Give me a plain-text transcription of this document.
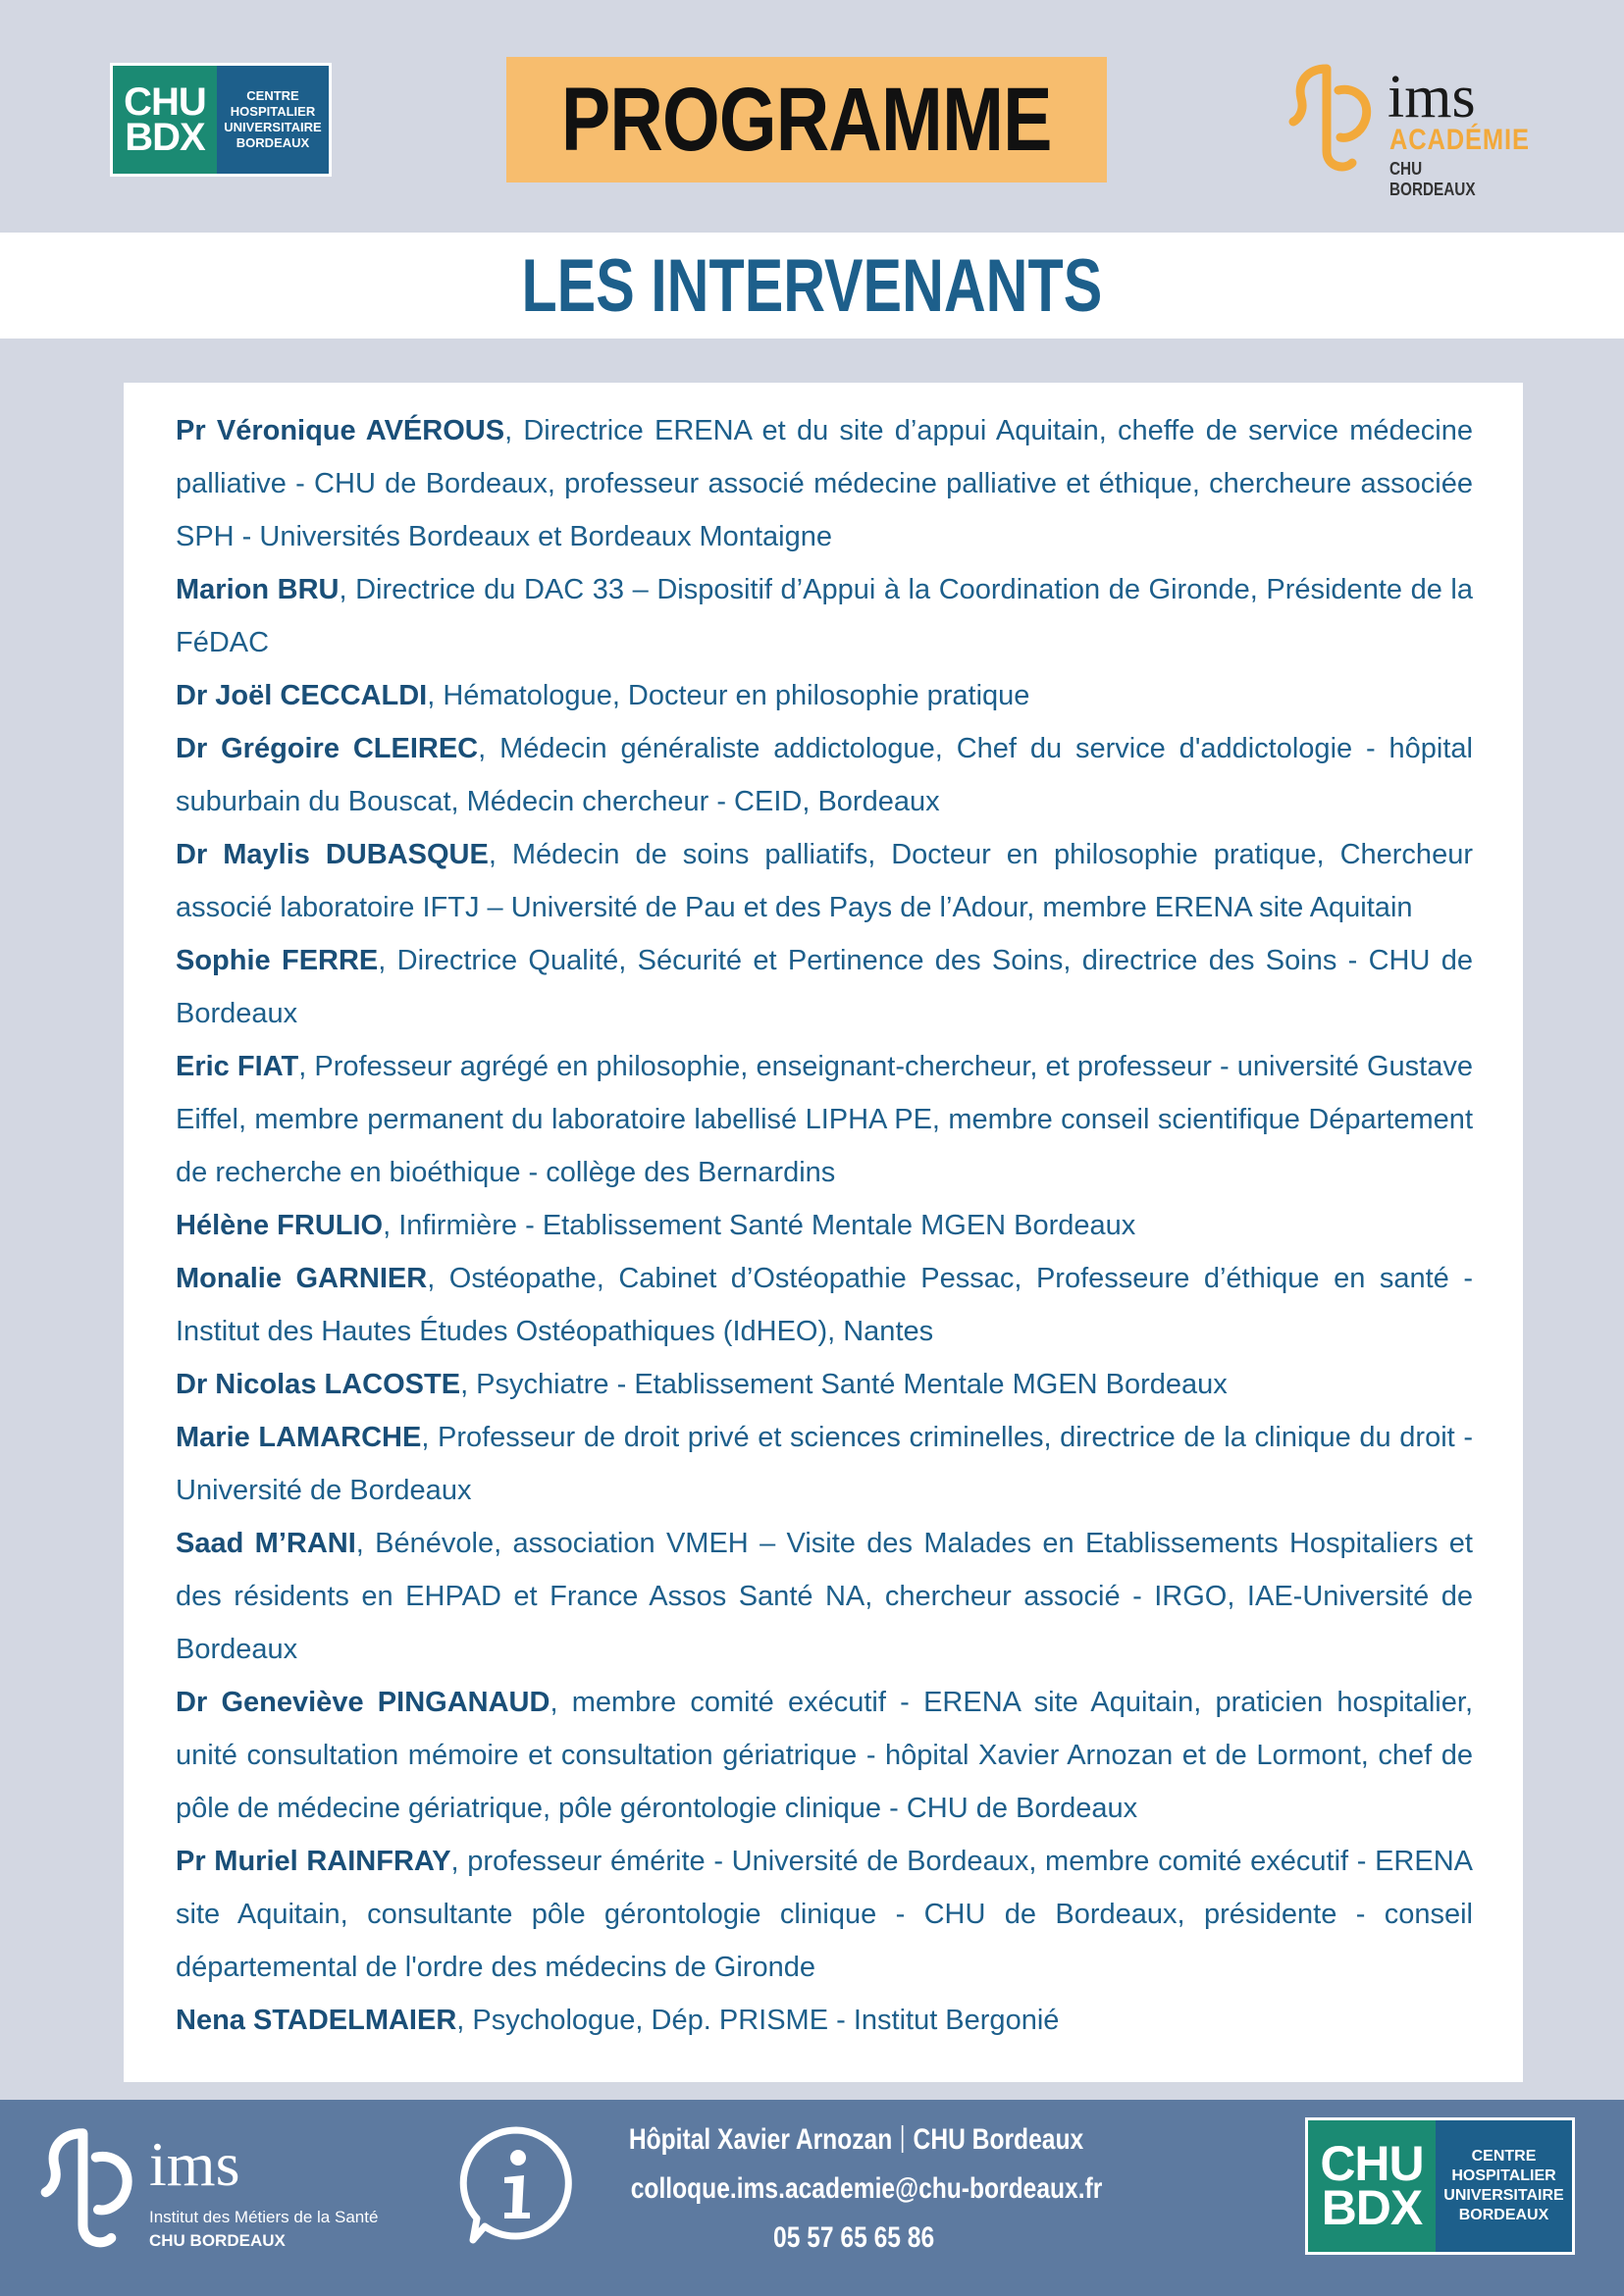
CHU
BDX
CENTRE
HOSPITALIER
UNIVERSITAIRE
BORDEAUX	PROGRAMME	ims
ACADÉMIE
CHU BORDEAUX
LES INTERVENANTS

Pr Véronique AVÉROUS, Directrice ERENA et du site d’appui Aquitain, cheffe de service médecine palliative - CHU de Bordeaux, professeur associé médecine palliative et éthique, chercheure associée SPH - Universités Bordeaux et Bordeaux Montaigne

Marion BRU, Directrice du DAC 33 – Dispositif d’Appui à la Coordination de Gironde, Présidente de la FéDAC

Dr Joël CECCALDI, Hématologue, Docteur en philosophie pratique

Dr Grégoire CLEIREC, Médecin généraliste addictologue, Chef du service d'addictologie - hôpital suburbain du Bouscat, Médecin chercheur - CEID, Bordeaux

Dr Maylis DUBASQUE, Médecin de soins palliatifs, Docteur en philosophie pratique, Chercheur associé laboratoire IFTJ – Université de Pau et des Pays de l’Adour, membre ERENA site Aquitain

Sophie FERRE, Directrice Qualité, Sécurité et Pertinence des Soins, directrice des Soins - CHU de Bordeaux

Eric FIAT, Professeur agrégé en philosophie, enseignant-chercheur, et professeur - université Gustave Eiffel, membre permanent du laboratoire labellisé LIPHA PE, membre conseil scientifique Département de recherche en bioéthique - collège des Bernardins

Hélène FRULIO, Infirmière - Etablissement Santé Mentale MGEN Bordeaux

Monalie GARNIER, Ostéopathe, Cabinet d’Ostéopathie Pessac, Professeure d’éthique en santé - Institut des Hautes Études Ostéopathiques (IdHEO), Nantes

Dr Nicolas LACOSTE, Psychiatre - Etablissement Santé Mentale MGEN Bordeaux

Marie LAMARCHE, Professeur de droit privé et sciences criminelles, directrice de la clinique du droit - Université de Bordeaux

Saad M’RANI, Bénévole, association VMEH – Visite des Malades en Etablissements Hospitaliers et des résidents en EHPAD et France Assos Santé NA, chercheur associé - IRGO, IAE-Université de Bordeaux

Dr Geneviève PINGANAUD, membre comité exécutif - ERENA site Aquitain, praticien hospitalier, unité consultation mémoire et consultation gériatrique - hôpital Xavier Arnozan et de Lormont, chef de pôle de médecine gériatrique, pôle gérontologie clinique - CHU de Bordeaux

Pr Muriel RAINFRAY, professeur émérite - Université de Bordeaux, membre comité exécutif - ERENA site Aquitain, consultante pôle gérontologie clinique - CHU de Bordeaux, présidente - conseil départemental de l'ordre des médecins de Gironde

Nena STADELMAIER, Psychologue, Dép. PRISME - Institut Bergonié

ims
Institut des Métiers de la Santé
CHU BORDEAUX
Hôpital Xavier Arnozan CHU Bordeaux
colloque.ims.academie@chu-bordeaux.fr
05 57 65 65 86
CHU
BDX
CENTRE
HOSPITALIER
UNIVERSITAIRE
BORDEAUX
